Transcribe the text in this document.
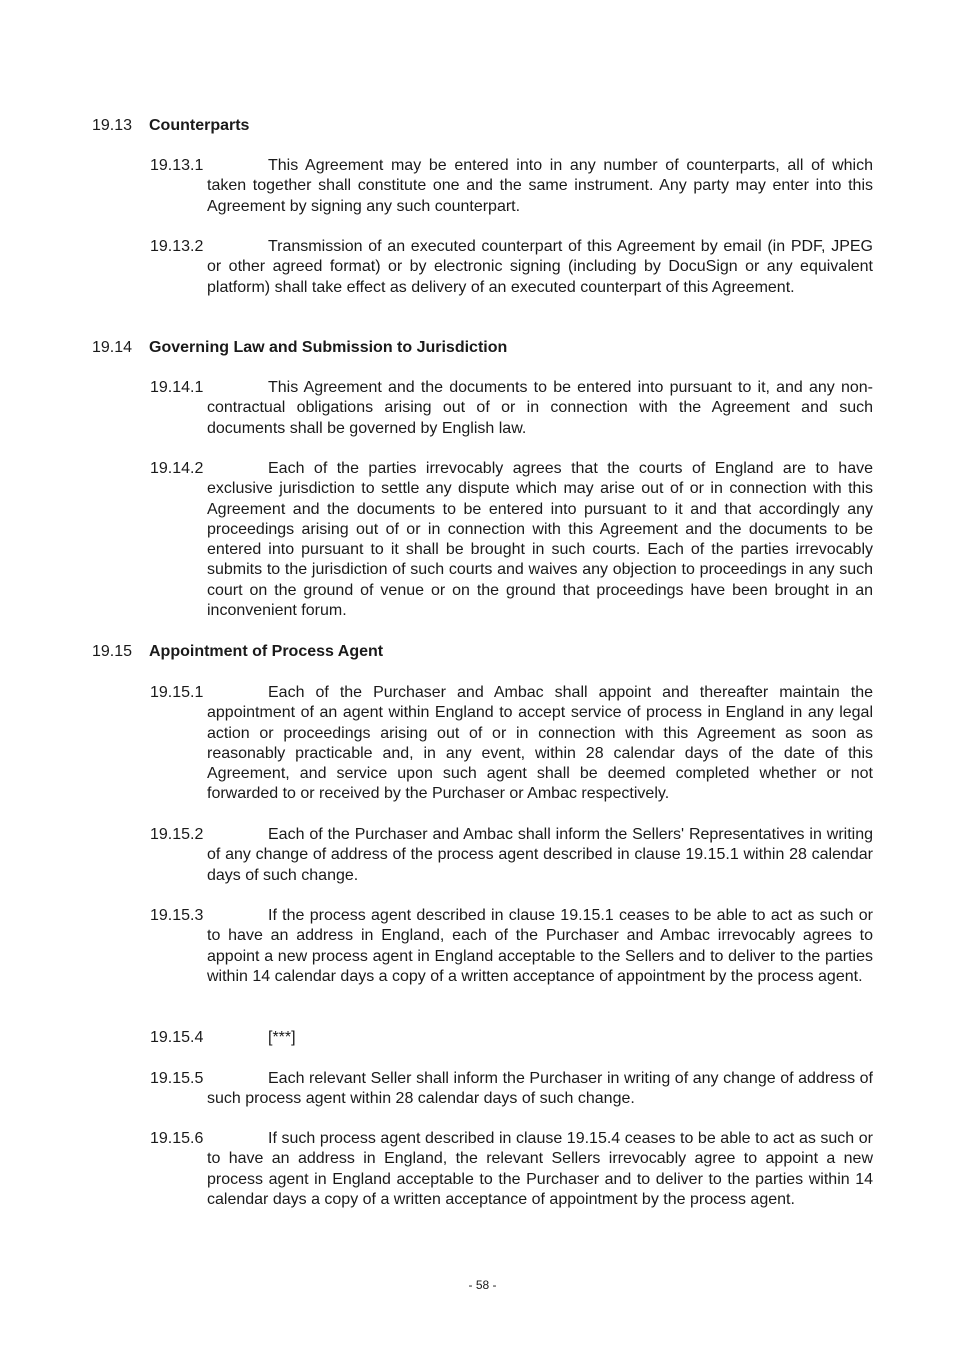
19.13 Counterparts
19.13.1	This Agreement may be entered into in any number of counterparts, all of which taken together shall constitute one and the same instrument. Any party may enter into this Agreement by signing any such counterpart.
19.13.2	Transmission of an executed counterpart of this Agreement by email (in PDF, JPEG or other agreed format) or by electronic signing (including by DocuSign or any equivalent platform) shall take effect as delivery of an executed counterpart of this Agreement.
19.14 Governing Law and Submission to Jurisdiction
19.14.1	This Agreement and the documents to be entered into pursuant to it, and any non-contractual obligations arising out of or in connection with the Agreement and such documents shall be governed by English law.
19.14.2	Each of the parties irrevocably agrees that the courts of England are to have exclusive jurisdiction to settle any dispute which may arise out of or in connection with this Agreement and the documents to be entered into pursuant to it and that accordingly any proceedings arising out of or in connection with this Agreement and the documents to be entered into pursuant to it shall be brought in such courts. Each of the parties irrevocably submits to the jurisdiction of such courts and waives any objection to proceedings in any such court on the ground of venue or on the ground that proceedings have been brought in an inconvenient forum.
19.15 Appointment of Process Agent
19.15.1	Each of the Purchaser and Ambac shall appoint and thereafter maintain the appointment of an agent within England to accept service of process in England in any legal action or proceedings arising out of or in connection with this Agreement as soon as reasonably practicable and, in any event, within 28 calendar days of the date of this Agreement, and service upon such agent shall be deemed completed whether or not forwarded to or received by the Purchaser or Ambac respectively.
19.15.2	Each of the Purchaser and Ambac shall inform the Sellers' Representatives in writing of any change of address of the process agent described in clause 19.15.1 within 28 calendar days of such change.
19.15.3	If the process agent described in clause 19.15.1 ceases to be able to act as such or to have an address in England, each of the Purchaser and Ambac irrevocably agrees to appoint a new process agent in England acceptable to the Sellers and to deliver to the parties within 14 calendar days a copy of a written acceptance of appointment by the process agent.
19.15.4	[***]
19.15.5	Each relevant Seller shall inform the Purchaser in writing of any change of address of such process agent within 28 calendar days of such change.
19.15.6	If such process agent described in clause 19.15.4 ceases to be able to act as such or to have an address in England, the relevant Sellers irrevocably agree to appoint a new process agent in England acceptable to the Purchaser and to deliver to the parties within 14 calendar days a copy of a written acceptance of appointment by the process agent.
- 58 -
